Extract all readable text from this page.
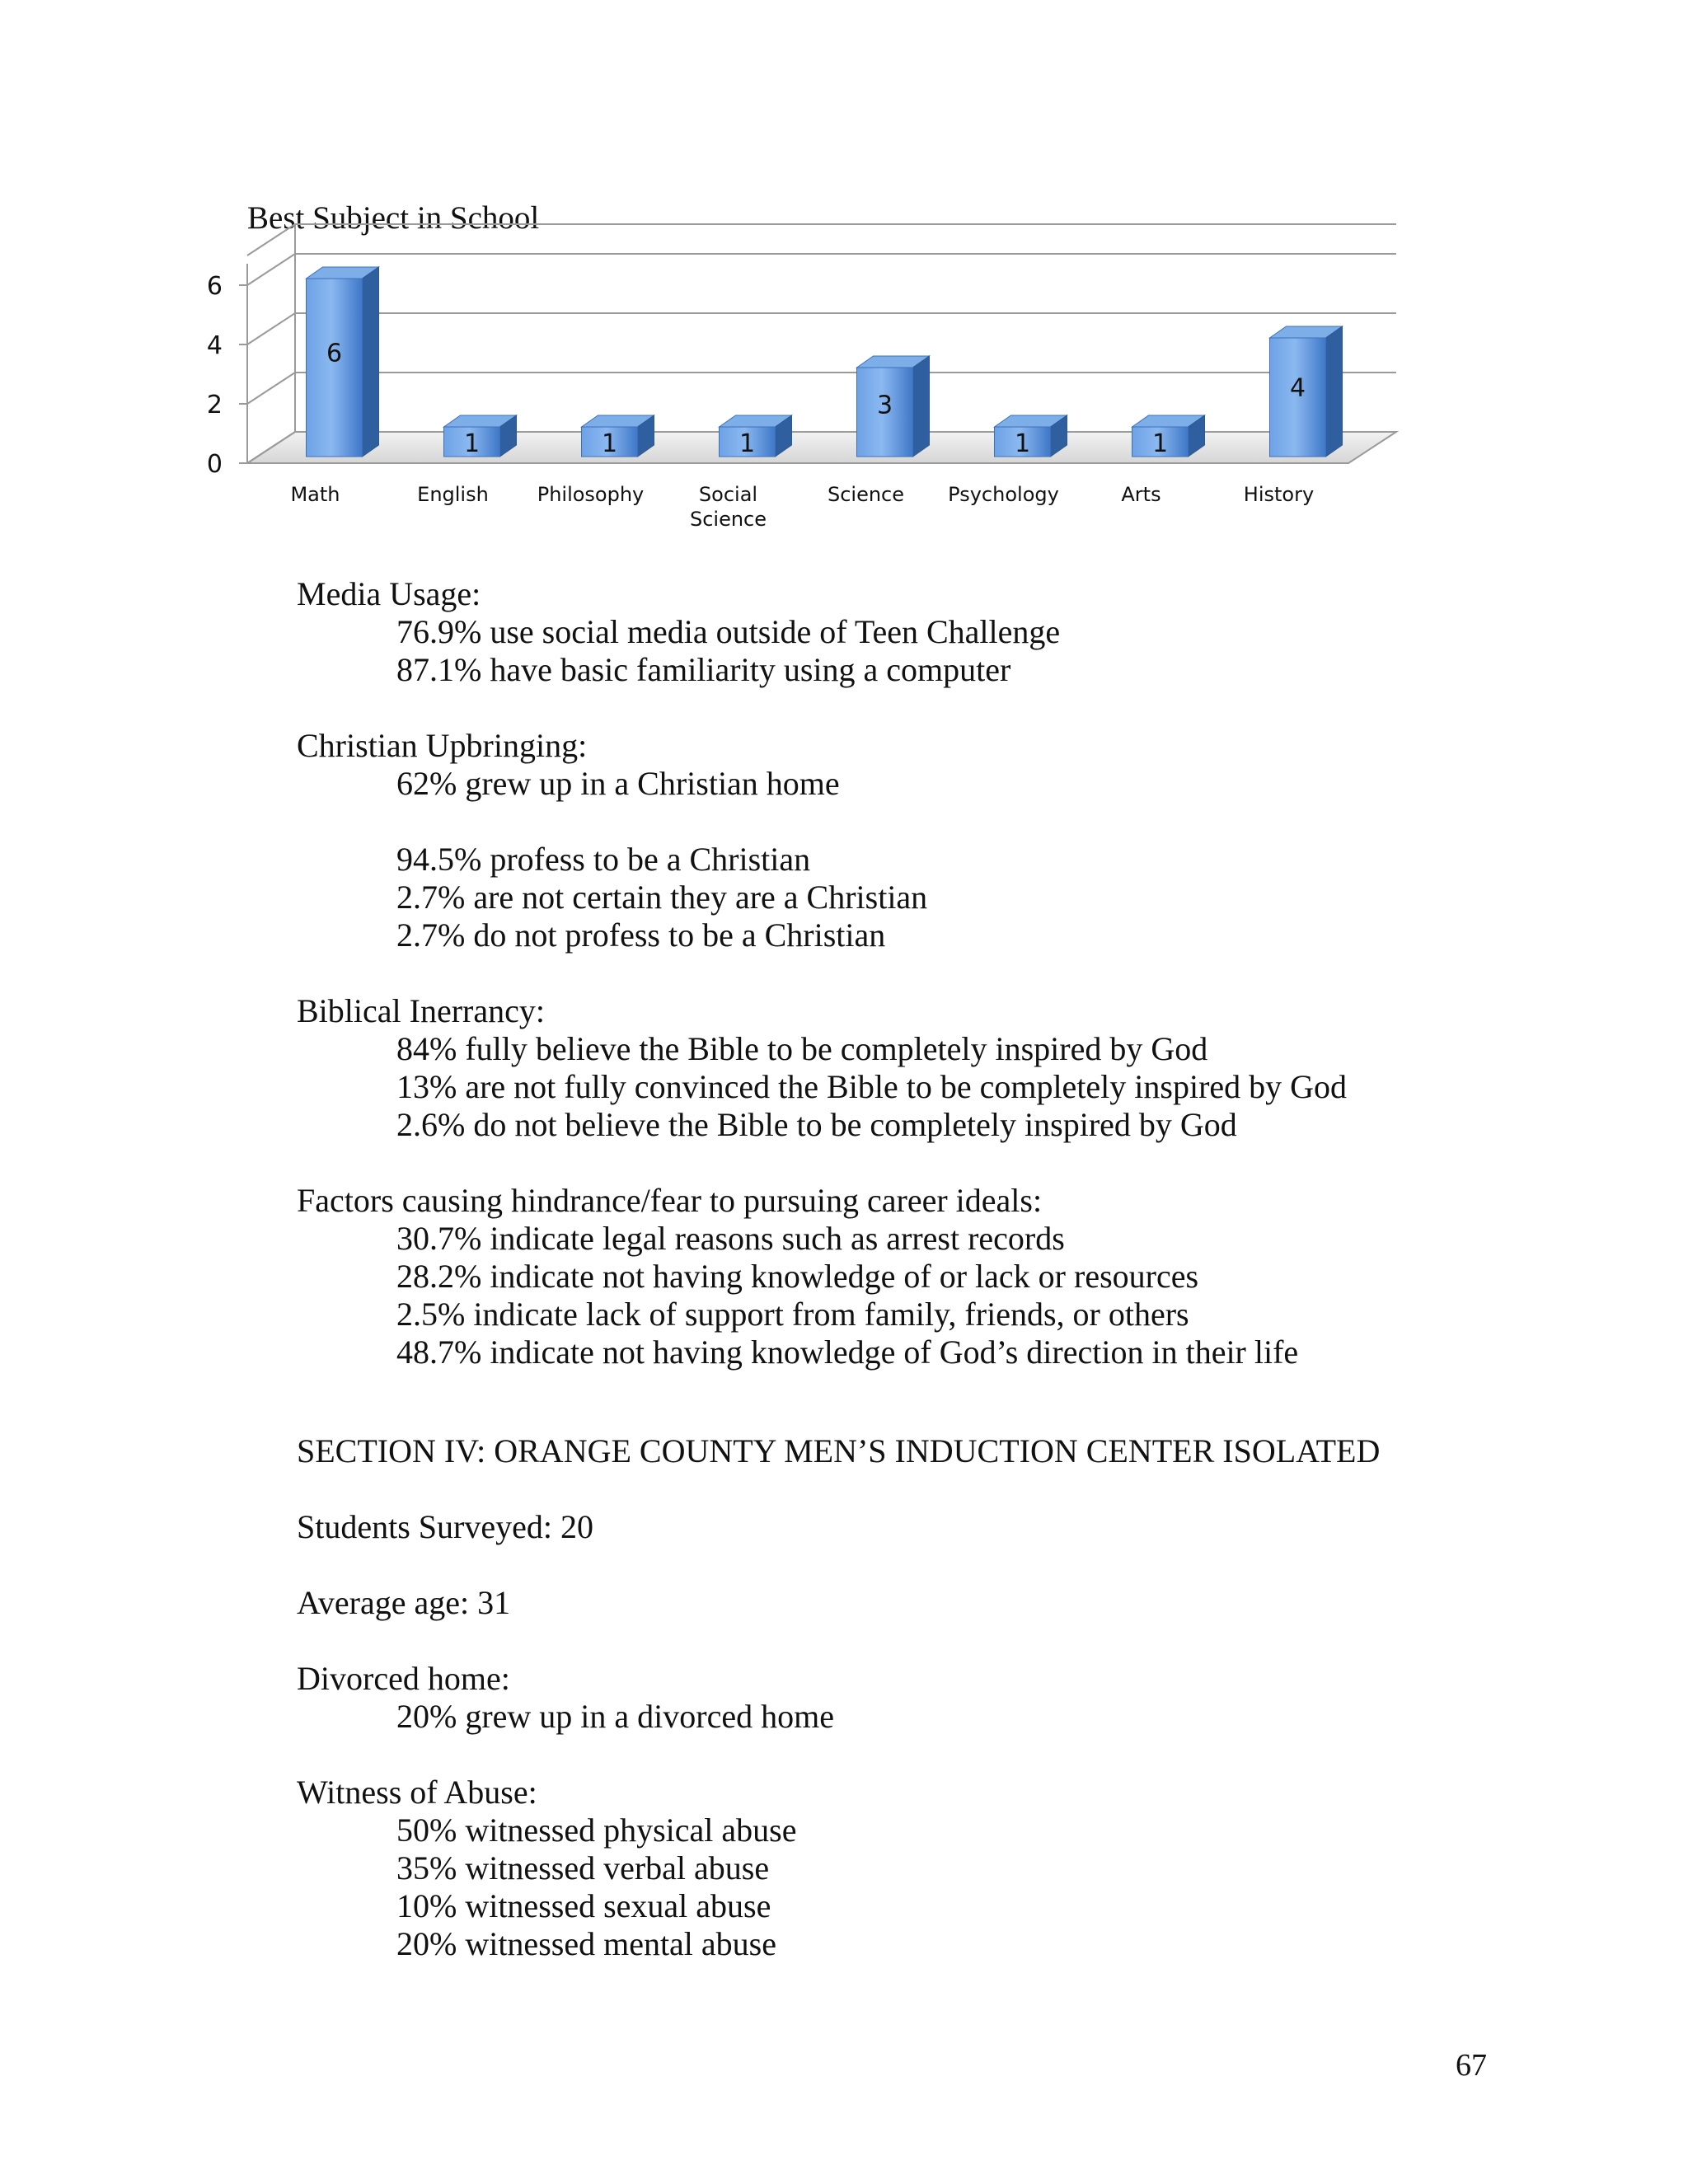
Best Subject in School
0
2
4
6
6
1	1	1
3
1	1
4
Math	English Philosophy	Social
Science
Science Psychology	Arts	History

Media Usage:

76.9% use social media outside of Teen Challenge

87.1% have basic familiarity using a computer

Christian Upbringing:

62% grew up in a Christian home

94.5% profess to be a Christian

2.7% are not certain they are a Christian

2.7% do not profess to be a Christian

Biblical Inerrancy:

84% fully believe the Bible to be completely inspired by God

13% are not fully convinced the Bible to be completely inspired by God

2.6% do not believe the Bible to be completely inspired by God

Factors causing hindrance/fear to pursuing career ideals:

30.7% indicate legal reasons such as arrest records

28.2% indicate not having knowledge of or lack or resources

2.5% indicate lack of support from family, friends, or others

48.7% indicate not having knowledge of God’s direction in their life

SECTION IV: ORANGE COUNTY MEN’S INDUCTION CENTER ISOLATED

Students Surveyed: 20

Average age: 31

Divorced home:

20% grew up in a divorced home

Witness of Abuse:

50% witnessed physical abuse

35% witnessed verbal abuse

10% witnessed sexual abuse

20% witnessed mental abuse

67
